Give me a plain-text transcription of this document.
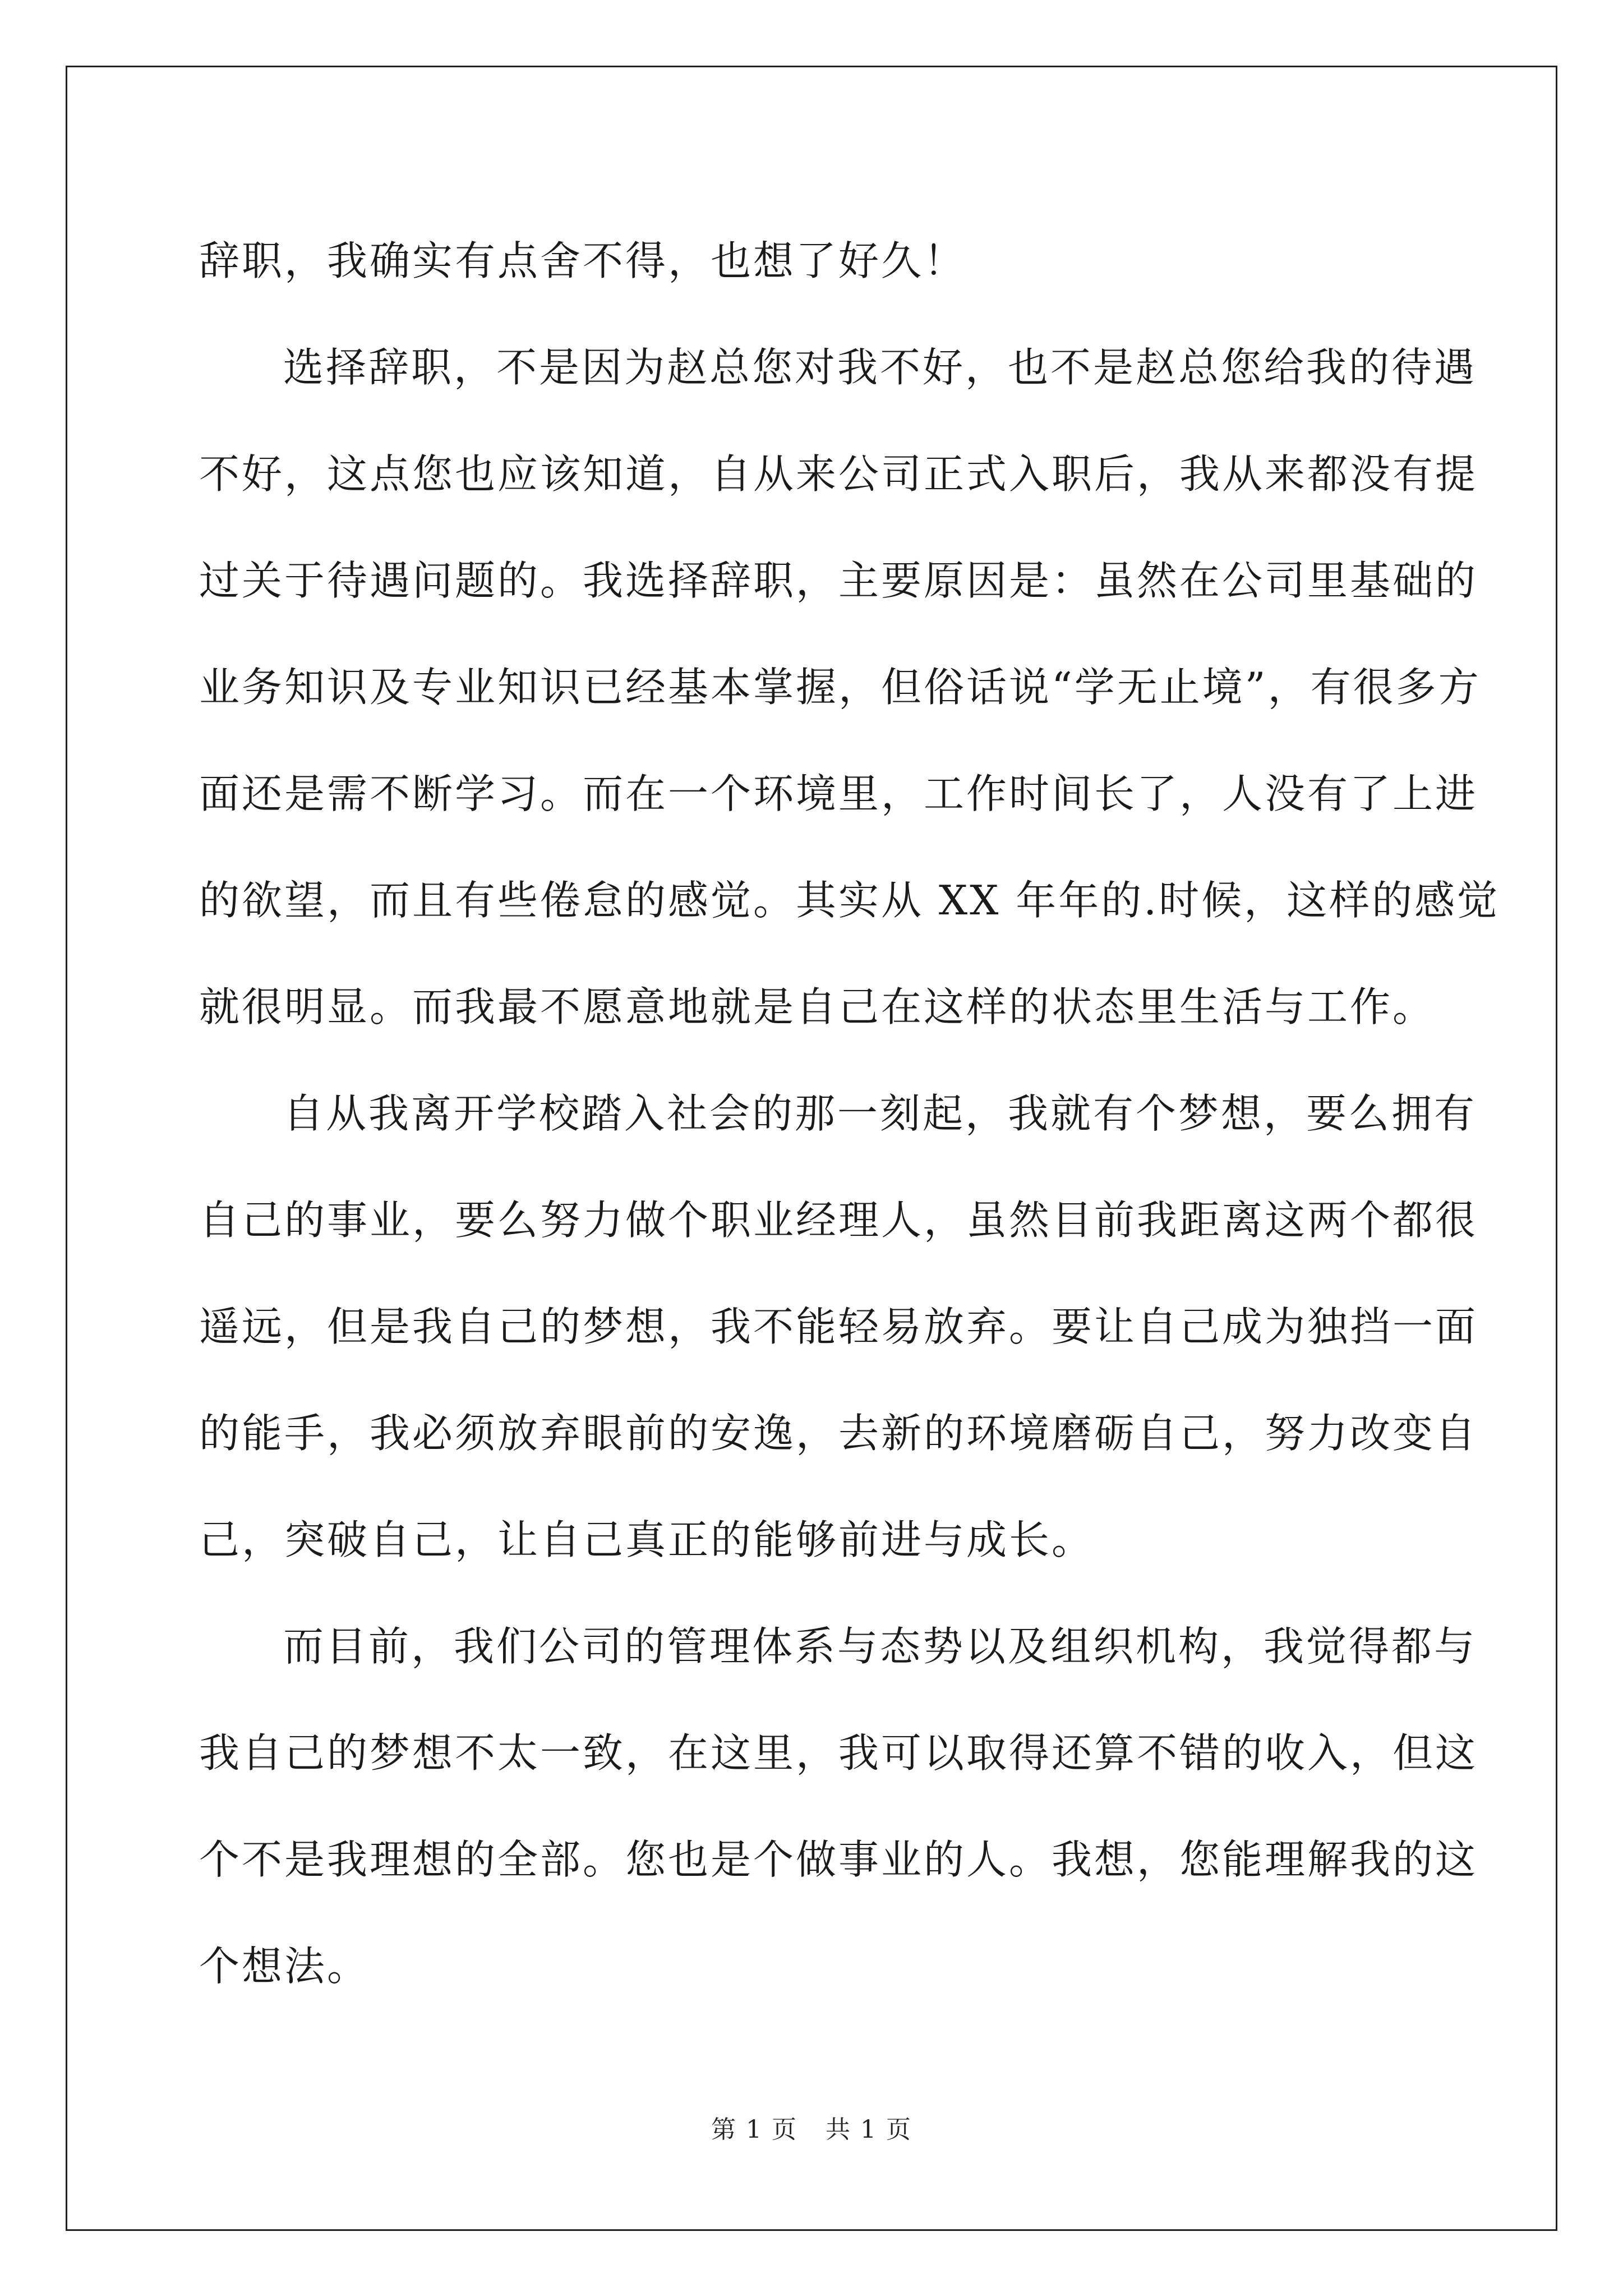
辞职，我确实有点舍不得，也想了好久！
选择辞职，不是因为赵总您对我不好，也不是赵总您给我的待遇
不好，这点您也应该知道，自从来公司正式入职后，我从来都没有提
过关于待遇问题的。我选择辞职，主要原因是：虽然在公司里基础的
业务知识及专业知识已经基本掌握，但俗话说“学无止境”，有很多方
面还是需不断学习。而在一个环境里，工作时间长了，人没有了上进
的欲望，而且有些倦怠的感觉。其实从 XX 年年的.时候，这样的感觉
就很明显。而我最不愿意地就是自己在这样的状态里生活与工作。
自从我离开学校踏入社会的那一刻起，我就有个梦想，要么拥有
自己的事业，要么努力做个职业经理人，虽然目前我距离这两个都很
遥远，但是我自己的梦想，我不能轻易放弃。要让自己成为独挡一面
的能手，我必须放弃眼前的安逸，去新的环境磨砺自己，努力改变自
己，突破自己，让自己真正的能够前进与成长。
而目前，我们公司的管理体系与态势以及组织机构，我觉得都与
我自己的梦想不太一致，在这里，我可以取得还算不错的收入，但这
个不是我理想的全部。您也是个做事业的人。我想，您能理解我的这
个想法。
第 1 页 共 1 页
